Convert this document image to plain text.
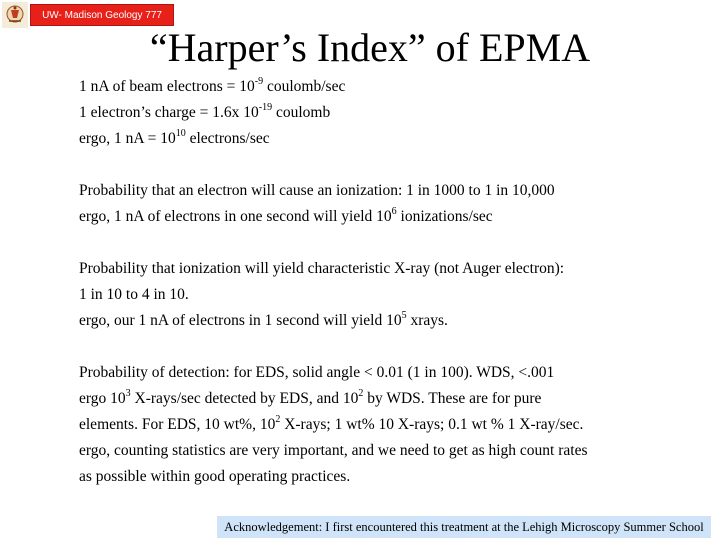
UW- Madison Geology 777
“Harper’s Index” of EPMA
1 nA of beam electrons = $10^{-9}$ coulomb/sec
1 electron’s charge = 1.6x $10^{-19}$ coulomb
ergo, 1 nA = $10^{10}$ electrons/sec
Probability that an electron will cause an ionization: 1 in 1000 to 1 in 10,000
ergo, 1 nA of electrons in one second will yield $10^6$ ionizations/sec
Probability that ionization will yield characteristic X-ray (not Auger electron):
1 in 10 to 4 in 10.
ergo, our 1 nA of electrons in 1 second will yield $10^5$ xrays.
Probability of detection: for EDS, solid angle < 0.01 (1 in 100). WDS, <.001
ergo $10^3$ X-rays/sec detected by EDS, and $10^2$ by WDS. These are for pure
elements. For EDS, 10 wt%, $10^2$ X-rays; 1 wt% 10 X-rays; 0.1 wt % 1 X-ray/sec.
ergo, counting statistics are very important, and we need to get as high count rates
as possible within good operating practices.
Acknowledgement: I first encountered this treatment at the Lehigh Microscopy Summer School
